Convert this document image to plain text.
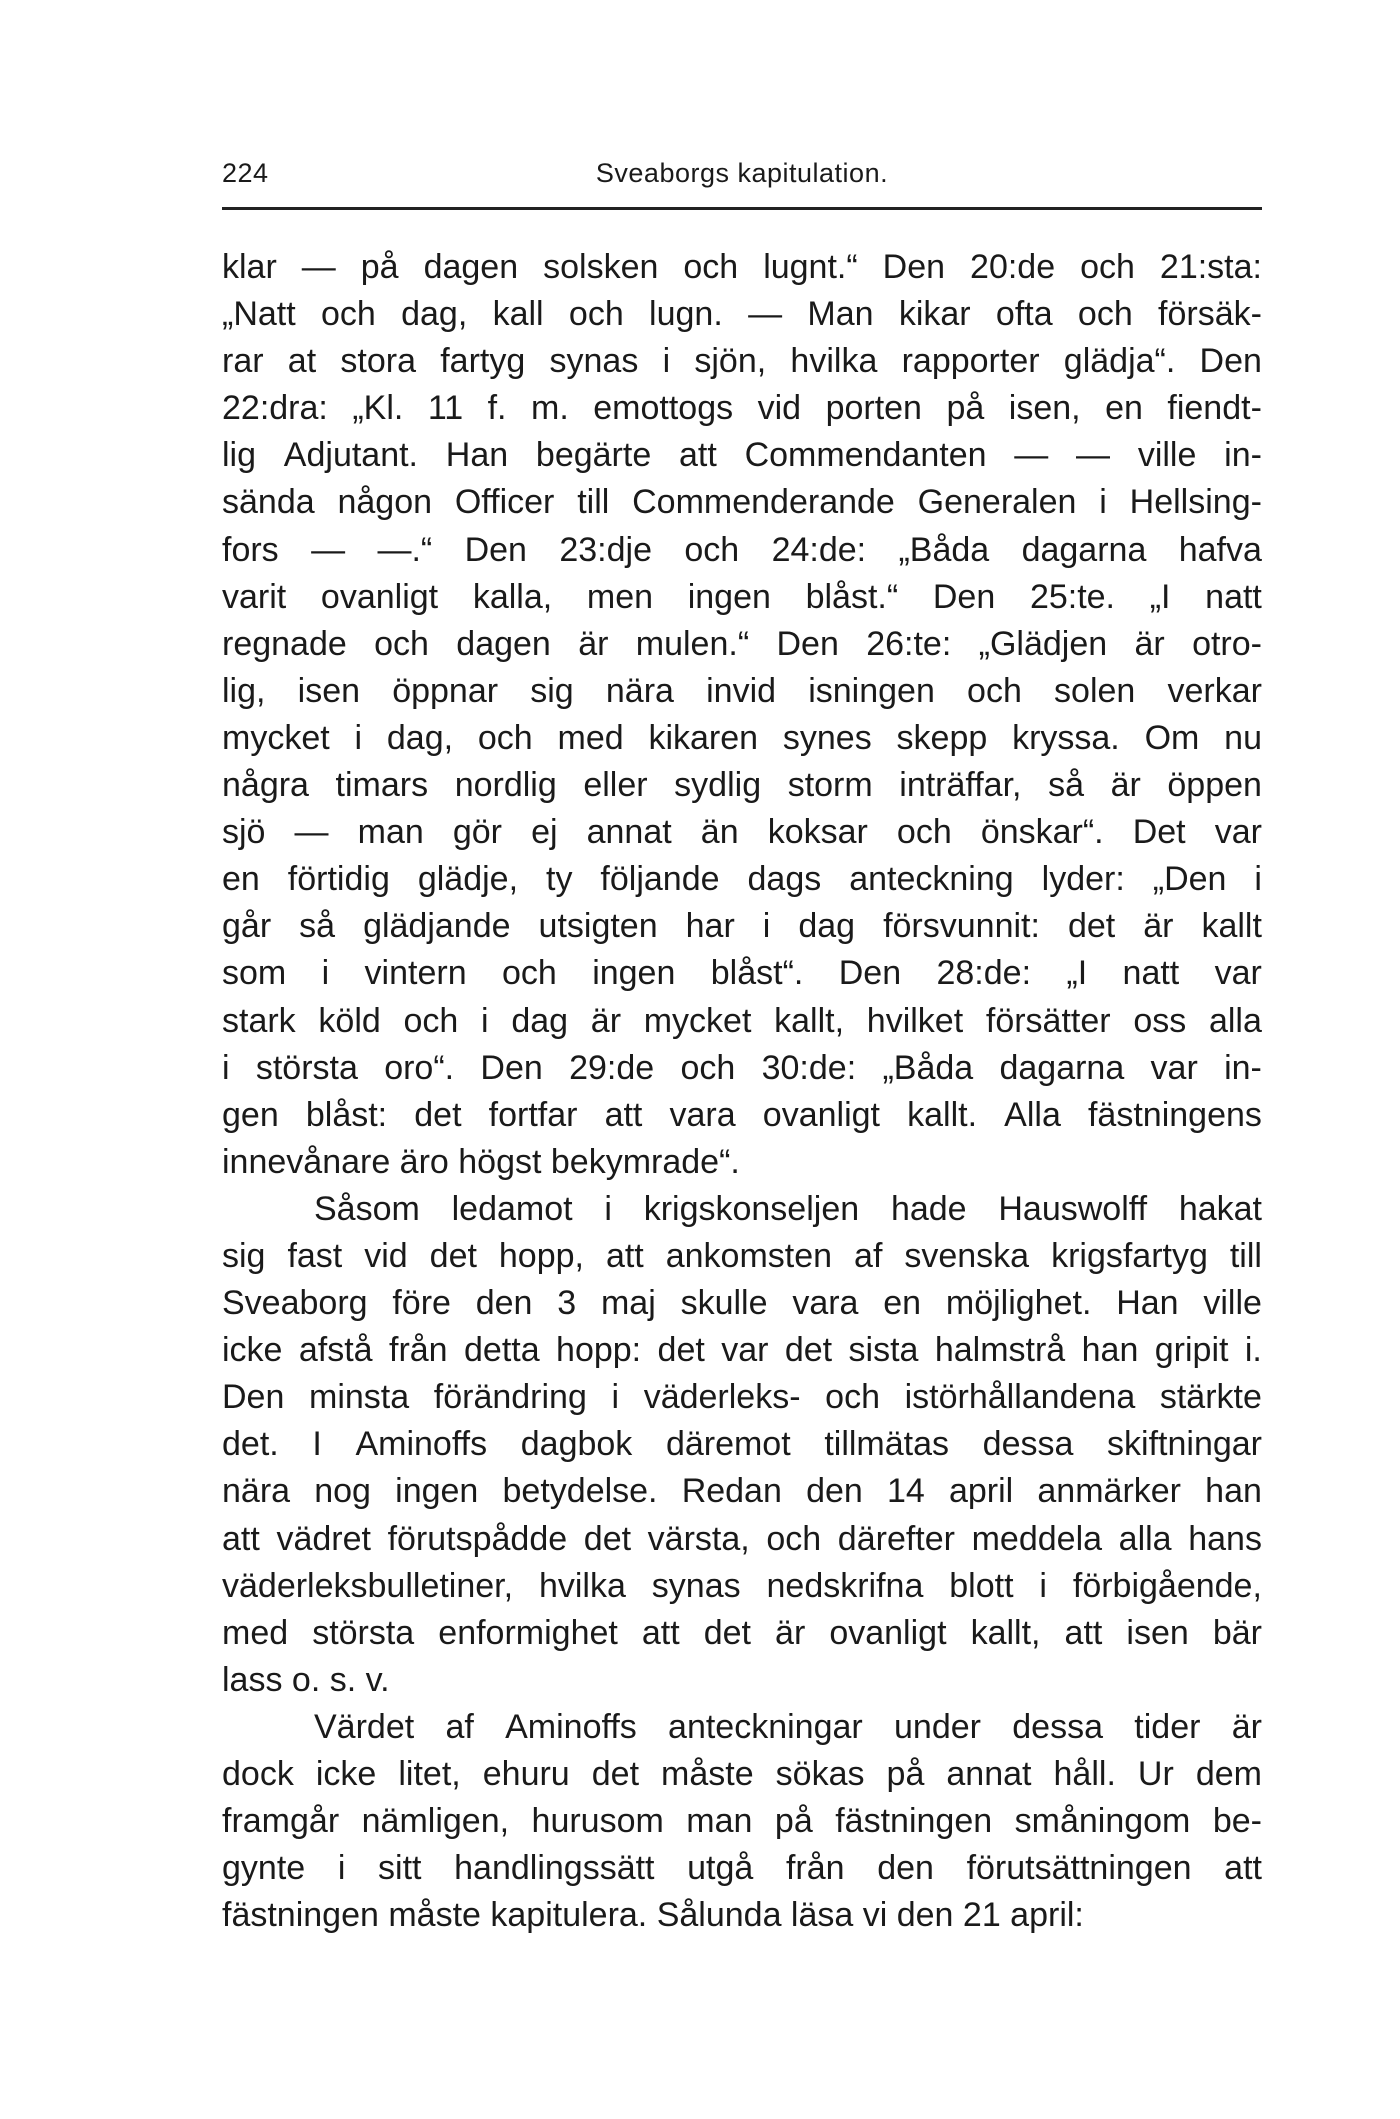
224	Sveaborgs kapitulation.

klar — på dagen solsken och lugnt.“ Den 20:de och 21:sta:
„Natt och dag, kall och lugn. — Man kikar ofta och försäk-
rar at stora fartyg synas i sjön, hvilka rapporter glädja“. Den
22:dra: „Kl. 11 f. m. emottogs vid porten på isen, en fiendt-
lig Adjutant. Han begärte att Commendanten — — ville in-
sända någon Officer till Commenderande Generalen i Hellsing-
fors — —.“ Den 23:dje och 24:de: „Båda dagarna hafva
varit ovanligt kalla, men ingen blåst.“ Den 25:te. „I natt
regnade och dagen är mulen.“ Den 26:te: „Glädjen är otro-
lig, isen öppnar sig nära invid isningen och solen verkar
mycket i dag, och med kikaren synes skepp kryssa. Om nu
några timars nordlig eller sydlig storm inträffar, så är öppen
sjö — man gör ej annat än koksar och önskar“. Det var
en förtidig glädje, ty följande dags anteckning lyder: „Den i
går så glädjande utsigten har i dag försvunnit: det är kallt
som i vintern och ingen blåst“. Den 28:de: „I natt var
stark köld och i dag är mycket kallt, hvilket försätter oss alla
i största oro“. Den 29:de och 30:de: „Båda dagarna var in-
gen blåst: det fortfar att vara ovanligt kallt. Alla fästningens
innevånare äro högst bekymrade“.

Såsom ledamot i krigskonseljen hade Hauswolff hakat
sig fast vid det hopp, att ankomsten af svenska krigsfartyg till
Sveaborg före den 3 maj skulle vara en möjlighet. Han ville
icke afstå från detta hopp: det var det sista halmstrå han gripit i.
Den minsta förändring i väderleks- och istörhållandena stärkte
det. I Aminoffs dagbok däremot tillmätas dessa skiftningar
nära nog ingen betydelse. Redan den 14 april anmärker han
att vädret förutspådde det värsta, och därefter meddela alla hans
väderleksbulletiner, hvilka synas nedskrifna blott i förbigående,
med största enformighet att det är ovanligt kallt, att isen bär
lass o. s. v.

Värdet af Aminoffs anteckningar under dessa tider är
dock icke litet, ehuru det måste sökas på annat håll. Ur dem
framgår nämligen, hurusom man på fästningen småningom be-
gynte i sitt handlingssätt utgå från den förutsättningen att
fästningen måste kapitulera. Sålunda läsa vi den 21 april:
